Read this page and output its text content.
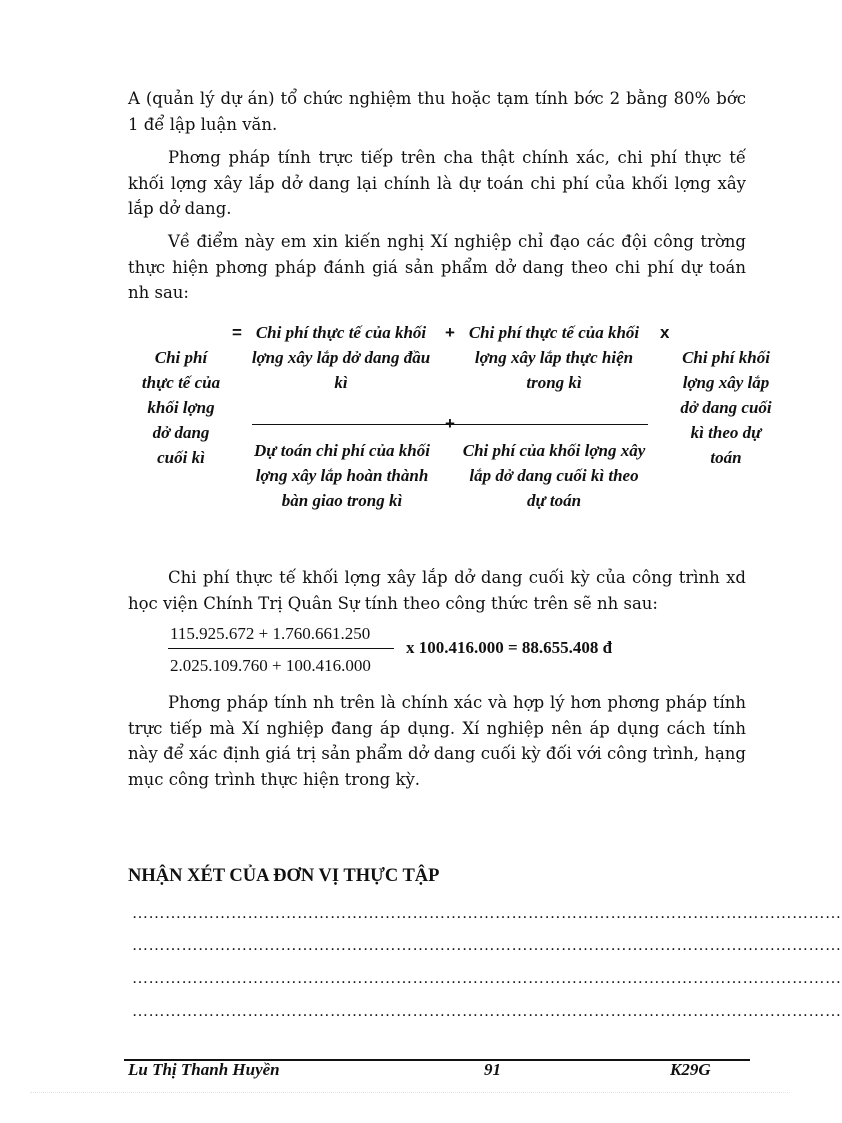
A (quản lý dự án) tổ chức nghiệm thu hoặc tạm tính bớc 2 bằng 80% bớc 1 để lập luận văn.

Phơng pháp tính trực tiếp trên cha thật chính xác, chi phí thực tế khối lợng xây lắp dở dang lại chính là dự toán chi phí của khối lợng xây lắp dở dang.

Về điểm này em xin kiến nghị Xí nghiệp chỉ đạo các đội công trờng thực hiện phơng pháp đánh giá sản phẩm dở dang theo chi phí dự toán nh sau:

Chi phí thực tế của khối lợng dở dang cuối kì
= Chi phí thực tế của khối lợng xây lắp dở dang đầu kì
+ Chi phí thực tế của khối lợng xây lắp thực hiện trong kì
x
+
Dự toán chi phí của khối lợng xây lắp hoàn thành bàn giao trong kì
Chi phí của khối lợng xây lắp dở dang cuối kì theo dự toán
Chi phí khối lợng xây lắp dở dang cuối kì theo dự toán

Chi phí thực tế khối lợng xây lắp dở dang cuối kỳ của công trình xd học viện Chính Trị Quân Sự tính theo công thức trên sẽ nh sau:

115.925.672 + 1.760.661.250
2.025.109.760 + 100.416.000
x 100.416.000 = 88.655.408 đ

Phơng pháp tính nh trên là chính xác và hợp lý hơn phơng pháp tính trực tiếp mà Xí nghiệp đang áp dụng. Xí nghiệp nên áp dụng cách tính này để xác định giá trị sản phẩm dở dang cuối kỳ đối với công trình, hạng mục công trình thực hiện trong kỳ.

NHẬN XÉT CỦA ĐƠN VỊ THỰC TẬP
…………………………………………………………………………………………………………………
…………………………………………………………………………………………………………………
…………………………………………………………………………………………………………………
…………………………………………………………………………………………………………………
Lu Thị Thanh Huyền	91	K29G
